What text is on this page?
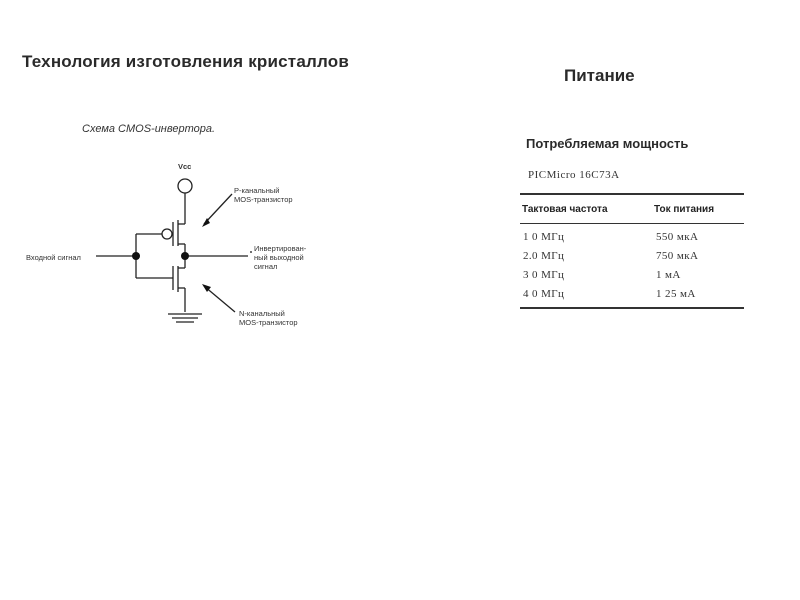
Технология изготовления кристаллов
Питание
Схема CMOS-инвертора.
Vcc
P-канальный
MOS-транзистор
Входной сигнал
Инвертирован-
ный выходной
сигнал
N-канальный
MOS-транзистор
Потребляемая мощность
PICMicro 16C73A
Тактовая частота	Ток питания
1 0 МГц	550 мкА
2.0 МГц	750 мкА
3 0 МГц	1 мА
4 0 МГц	1 25 мА
